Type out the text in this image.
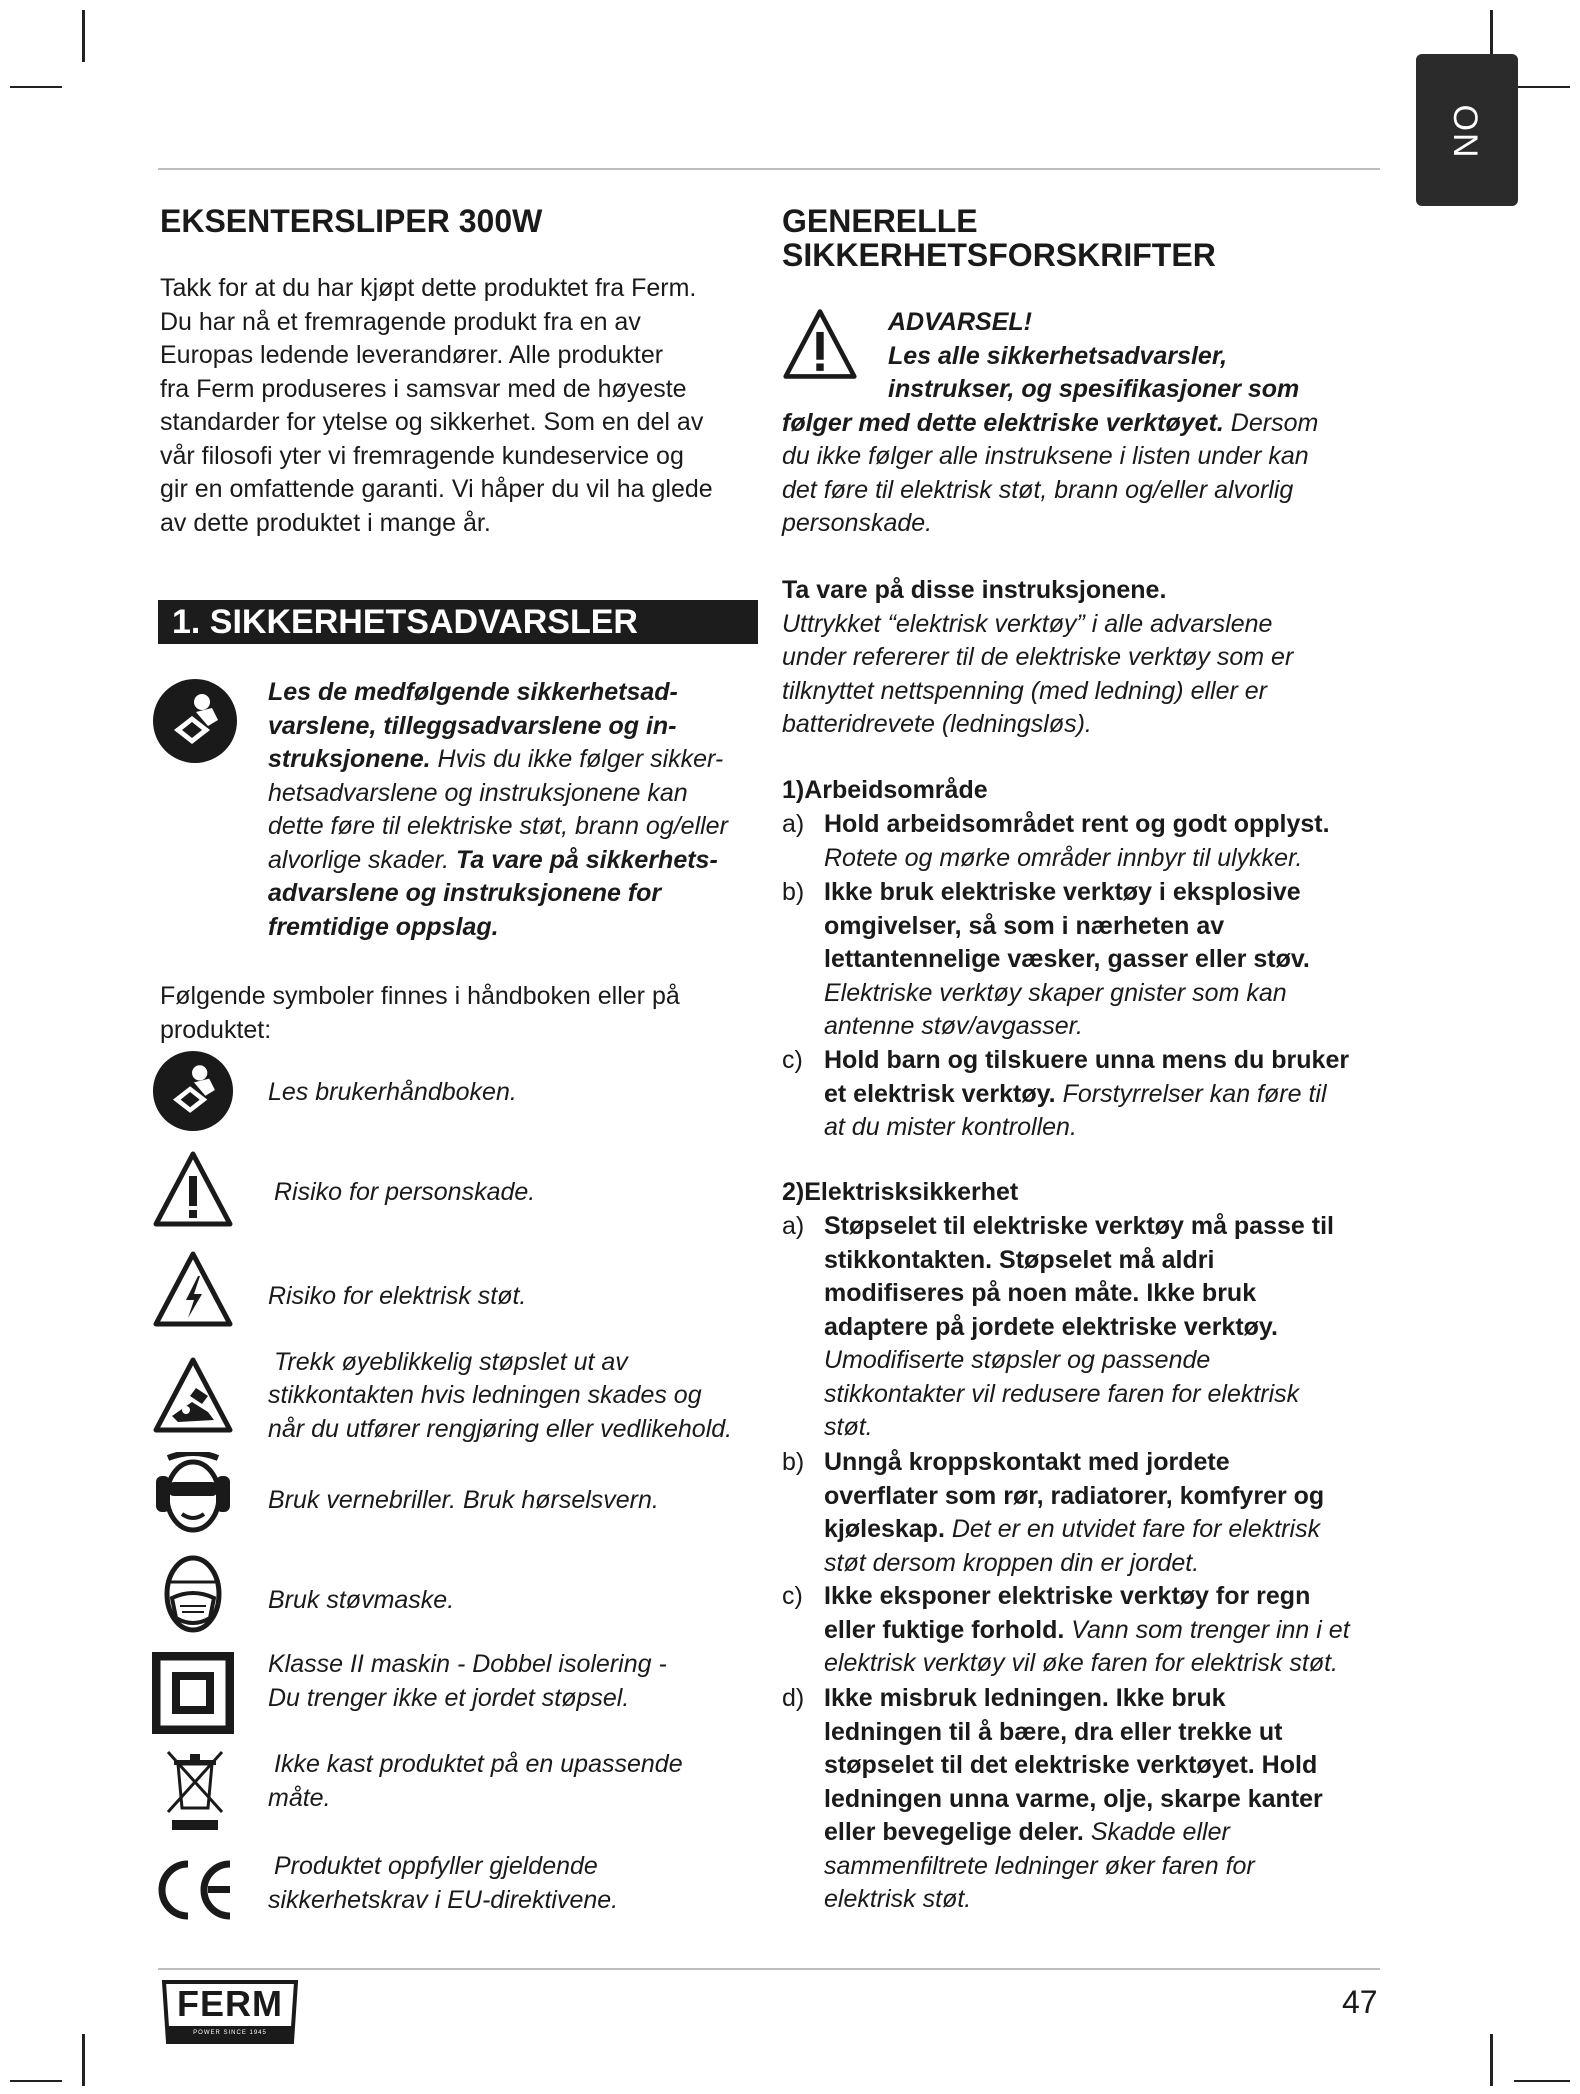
NO
EKSENTERSLIPER 300W

Takk for at du har kjøpt dette produktet fra Ferm.

Du har nå et fremragende produkt fra en av

Europas ledende leverandører. Alle produkter

fra Ferm produseres i samsvar med de høyeste

standarder for ytelse og sikkerhet. Som en del av

vår filosofi yter vi fremragende kundeservice og

gir en omfattende garanti. Vi håper du vil ha glede

av dette produktet i mange år.

1. SIKKERHETSADVARSLER
Les de medfølgende sikkerhetsad-
varslene, tilleggsadvarslene og in-
struksjonene. Hvis du ikke følger sikker-
hetsadvarslene og instruksjonene kan
dette føre til elektriske støt, brann og/eller
alvorlige skader. Ta vare på sikkerhets-
advarslene og instruksjonene for
fremtidige oppslag.

Følgende symboler finnes i håndboken eller på

produktet:

Les brukerhåndboken.
Risiko for personskade.
Risiko for elektrisk støt.
Trekk øyeblikkelig støpslet ut av
stikkontakten hvis ledningen skades og
når du utfører rengjøring eller vedlikehold.
Bruk vernebriller. Bruk hørselsvern.
Bruk støvmaske.
Klasse II maskin - Dobbel isolering -
Du trenger ikke et jordet støpsel.
Ikke kast produktet på en upassende
måte.
Produktet oppfyller gjeldende
sikkerhetskrav i EU-direktivene.
GENERELLE
SIKKERHETSFORSKRIFTER
ADVARSEL!
Les alle sikkerhetsadvarsler,
instrukser, og spesifikasjoner som
følger med dette elektriske verktøyet. Dersom
du ikke følger alle instruksene i listen under kan
det føre til elektrisk støt, brann og/eller alvorlig
personskade.
Ta vare på disse instruksjonene.
Uttrykket “elektrisk verktøy” i alle advarslene
under refererer til de elektriske verktøy som er
tilknyttet nettspenning (med ledning) eller er
batteridrevete (ledningsløs).
1)Arbeidsområde
a) Hold arbeidsområdet rent og godt opplyst.
Rotete og mørke områder innbyr til ulykker.
b) Ikke bruk elektriske verktøy i eksplosive
omgivelser, så som i nærheten av
lettantennelige væsker, gasser eller støv.
Elektriske verktøy skaper gnister som kan
antenne støv/avgasser.
c) Hold barn og tilskuere unna mens du bruker
et elektrisk verktøy. Forstyrrelser kan føre til
at du mister kontrollen.
2)Elektrisksikkerhet
a) Støpselet til elektriske verktøy må passe til
stikkontakten. Støpselet må aldri
modifiseres på noen måte. Ikke bruk
adaptere på jordete elektriske verktøy.
Umodifiserte støpsler og passende
stikkontakter vil redusere faren for elektrisk
støt.
b) Unngå kroppskontakt med jordete
overflater som rør, radiatorer, komfyrer og
kjøleskap. Det er en utvidet fare for elektrisk
støt dersom kroppen din er jordet.
c) Ikke eksponer elektriske verktøy for regn
eller fuktige forhold. Vann som trenger inn i et
elektrisk verktøy vil øke faren for elektrisk støt.
d) Ikke misbruk ledningen. Ikke bruk
ledningen til å bære, dra eller trekke ut
støpselet til det elektriske verktøyet. Hold
ledningen unna varme, olje, skarpe kanter
eller bevegelige deler. Skadde eller
sammenfiltrete ledninger øker faren for
elektrisk støt.
FERM
POWER SINCE 1945
47
